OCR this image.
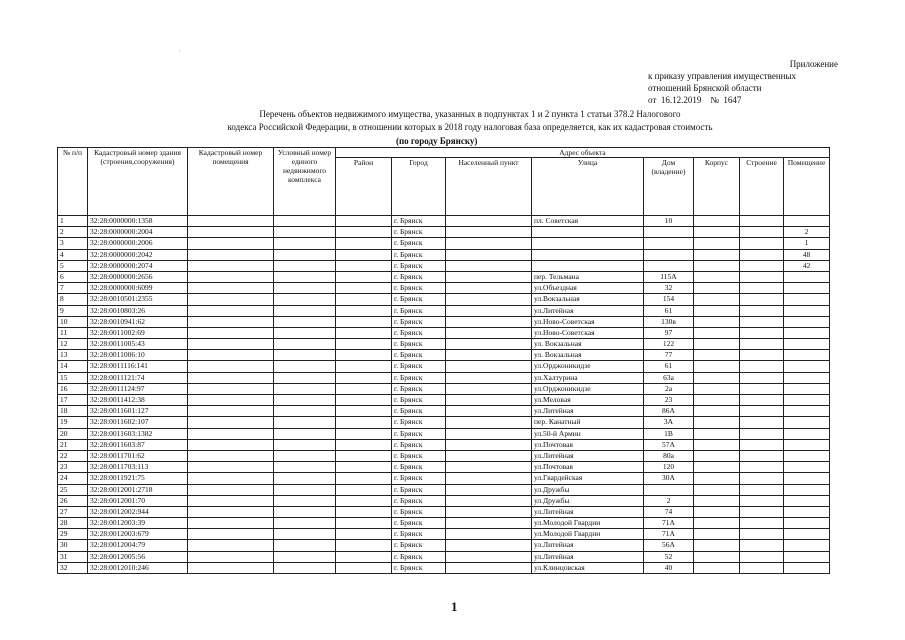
Приложение
к приказу управления имущественных
отношений Брянской области
от 16.12.2019 № 1647
Перечень объектов недвижимого имущества, указанных в подпунктах 1 и 2 пункта 1 статьи 378.2 Налогового
кодекса Российской Федерации, в отношении которых в 2018 году налоговая база определяется, как их кадастровая стоимость
(по городу Брянску)
№ п/п	Кадастровый номер здания (строения,сооружения)	Кадастровый номер помещения	Условный номер единого недвижимого комплекса	Адрес объекта							
				Район	Город	Населенный пункт	Улица	Дом (владение)	Корпус	Строение	Помещение
1	32:28:0000000:1358				г. Брянск		пл. Советская	10			
2	32:28:0000000:2004				г. Брянск						2
3	32:28:0000000:2006				г. Брянск						1
4	32:28:0000000:2042				г. Брянск						48
5	32:28:0000000:2074				г. Брянск						42
6	32:28:0000000:2656				г. Брянск		пер. Тельмана	115А			
7	32:28:0000000:6099				г. Брянск		ул.Объездная	32			
8	32:28:0010501:2355				г. Брянск		ул.Вокзальная	154			
9	32:28:0010803:26				г. Брянск		ул.Литейная	61			
10	32:28:0010941:62				г. Брянск		ул.Ново-Советская	130в			
11	32:28:0011002:69				г. Брянск		ул.Ново-Советская	97			
12	32:28:0011005:43				г. Брянск		ул. Вокзальная	122			
13	32:28:0011006:10				г. Брянск		ул. Вокзальная	77			
14	32:28:0011116:141				г. Брянск		ул.Орджоникидзе	61			
15	32:28:0011121:74				г. Брянск		ул.Халтурина	63а			
16	32:28:0011124:97				г. Брянск		ул.Орджоникидзе	2а			
17	32:28:0011412:38				г. Брянск		ул.Меловая	23			
18	32:28:0011601:127				г. Брянск		ул.Литейная	86А			
19	32:28:0011602:107				г. Брянск		пер. Канатный	3А			
20	32:28:0011603:1382				г. Брянск		ул.50-й Армии	1В			
21	32:28:0011603:87				г. Брянск		ул.Почтовая	57А			
22	32:28:0011701:62				г. Брянск		ул.Литейная	80а			
23	32:28:0011703:113				г. Брянск		ул.Почтовая	120			
24	32:28:0011921:75				г. Брянск		ул.Гвардейская	30А			
25	32:28:0012001:2718				г. Брянск		ул.Дружбы				
26	32:28:0012001:70				г. Брянск		ул.Дружбы	2			
27	32:28:0012002:944				г. Брянск		ул.Литейная	74			
28	32:28:0012003:39				г. Брянск		ул.Молодой Гвардии	71А			
29	32:28:0012003:679				г. Брянск		ул.Молодой Гвардии	71А			
30	32:28:0012004:79				г. Брянск		ул.Литейная	56А			
31	32:28:0012005:56				г. Брянск		ул.Литейная	52			
32	32:28:0012010:246				г. Брянск		ул.Клинцовская	40			
1
·
